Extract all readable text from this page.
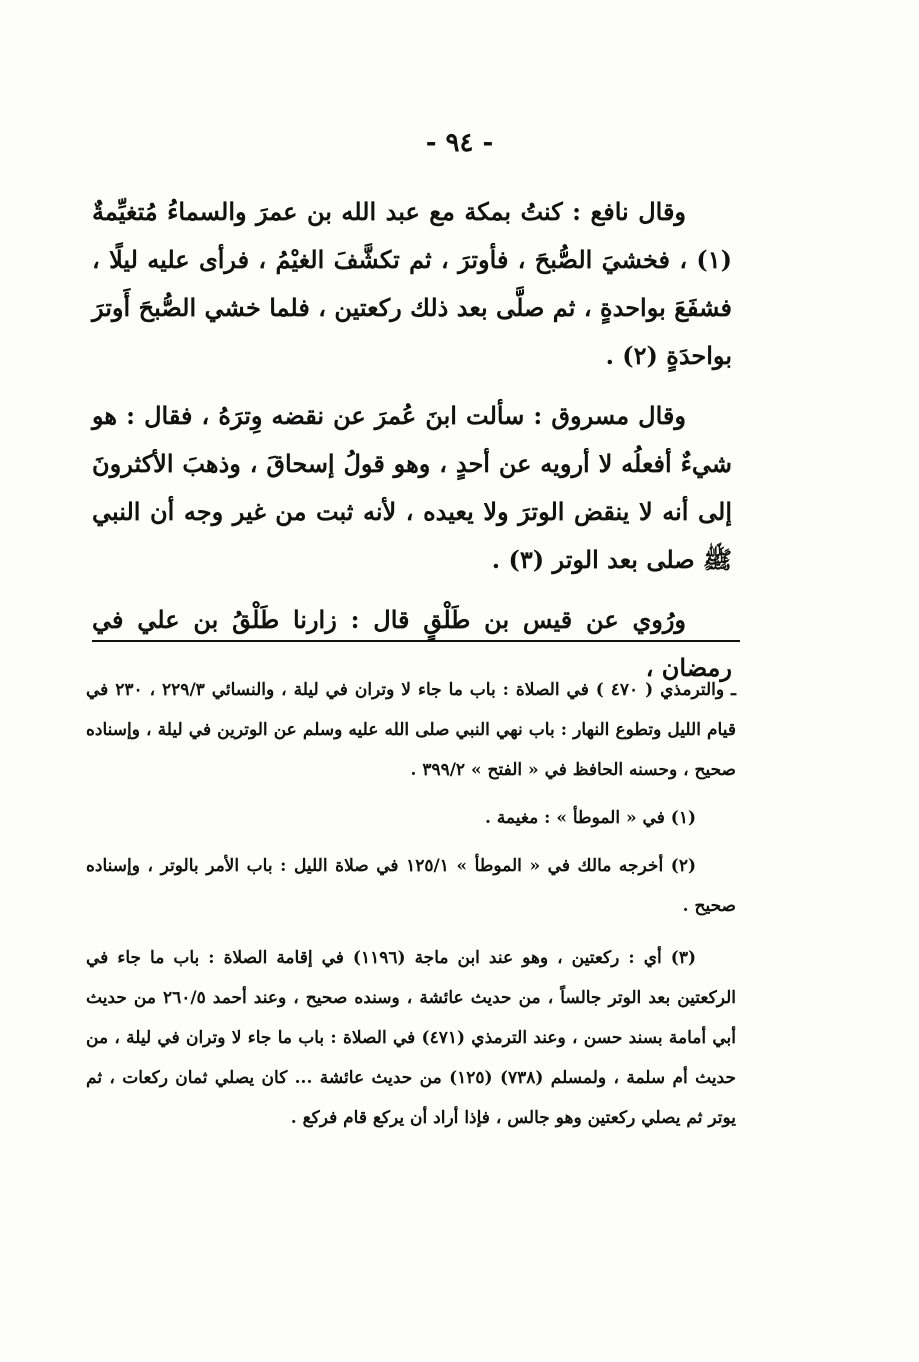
- ٩٤ -

وقال نافع : كنتُ بمكة مع عبد الله بن عمرَ والسماءُ مُتغيِّمةٌ (١) ، فخشيَ الصُّبحَ ، فأوترَ ، ثم تكشَّفَ الغيْمُ ، فرأى عليه ليلًا ، فشفَعَ بواحدةٍ ، ثم صلَّى بعد ذلك ركعتين ، فلما خشي الصُّبحَ أَوترَ بواحدَةٍ (٢) .

وقال مسروق : سألت ابنَ عُمرَ عن نقضه وِترَهُ ، فقال : هو شيءٌ أفعلُه لا أرويه عن أحدٍ ، وهو قولُ إسحاقَ ، وذهبَ الأكثرونَ إلى أنه لا ينقض الوترَ ولا يعيده ، لأنه ثبت من غير وجه أن النبي ﷺ صلى بعد الوتر (٣) .

ورُوي عن قيس بن طَلْقٍ قال : زارنا طَلْقُ بن علي في رمضان ،

ـ والترمذي ( ٤٧٠ ) في الصلاة : باب ما جاء لا وتران في ليلة ، والنسائي ٢٢٩/٣ ، ٢٣٠ في قيام الليل وتطوع النهار : باب نهي النبي صلى الله عليه وسلم عن الوترين في ليلة ، وإسناده صحيح ، وحسنه الحافظ في « الفتح » ٣٩٩/٢ .

(١) في « الموطأ » : مغيمة .

(٢) أخرجه مالك في « الموطأ » ١٢٥/١ في صلاة الليل : باب الأمر بالوتر ، وإسناده صحيح .

(٣) أي : ركعتين ، وهو عند ابن ماجة (١١٩٦) في إقامة الصلاة : باب ما جاء في الركعتين بعد الوتر جالساً ، من حديث عائشة ، وسنده صحيح ، وعند أحمد ٢٦٠/٥ من حديث أبي أمامة بسند حسن ، وعند الترمذي (٤٧١) في الصلاة : باب ما جاء لا وتران في ليلة ، من حديث أم سلمة ، ولمسلم (٧٣٨) (١٢٥) من حديث عائشة ... كان يصلي ثمان ركعات ، ثم يوتر ثم يصلي ركعتين وهو جالس ، فإذا أراد أن يركع قام فركع .
